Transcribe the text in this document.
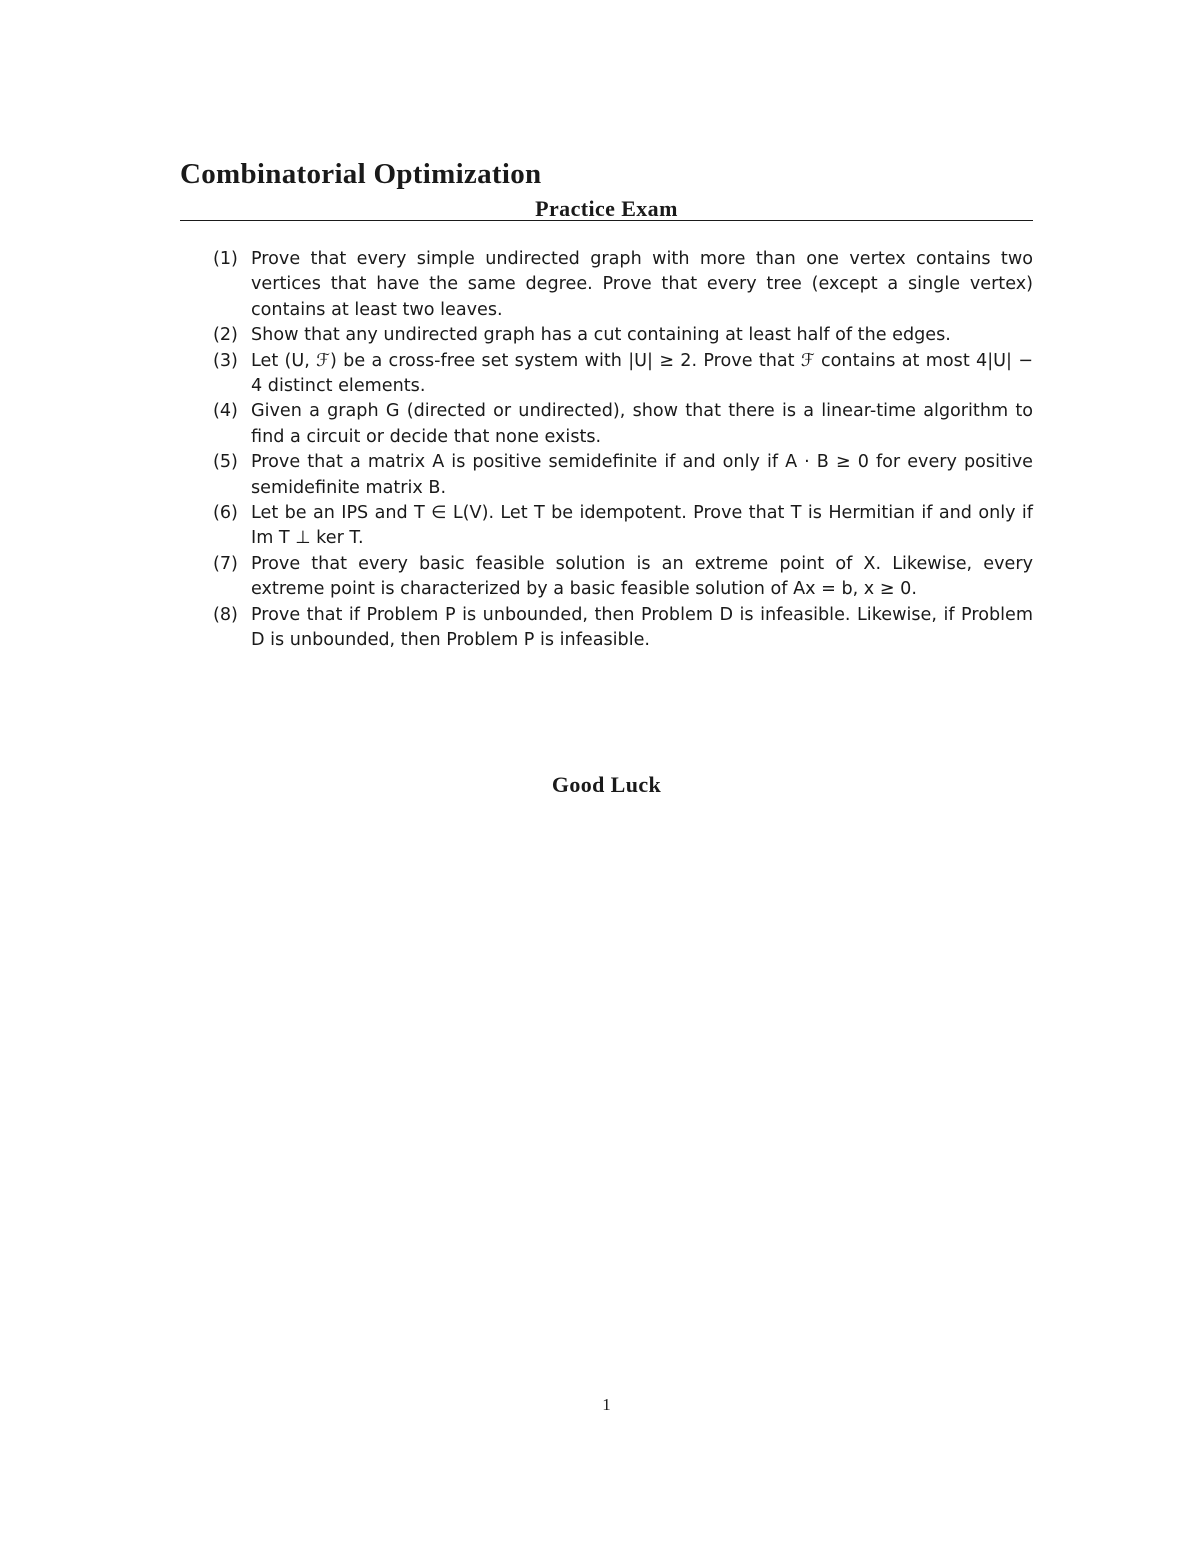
Combinatorial Optimization
Practice Exam
(1) Prove that every simple undirected graph with more than one vertex contains two vertices that have the same degree. Prove that every tree (except a single vertex) contains at least two leaves.
(2) Show that any undirected graph has a cut containing at least half of the edges.
(3) Let (U, ℱ) be a cross-free set system with |U| ≥ 2. Prove that ℱ contains at most 4|U| − 4 distinct elements.
(4) Given a graph G (directed or undirected), show that there is a linear-time algorithm to find a circuit or decide that none exists.
(5) Prove that a matrix A is positive semidefinite if and only if A · B ≥ 0 for every positive semidefinite matrix B.
(6) Let be an IPS and T ∈ L(V). Let T be idempotent. Prove that T is Hermitian if and only if Im T ⊥ ker T.
(7) Prove that every basic feasible solution is an extreme point of X. Likewise, every extreme point is characterized by a basic feasible solution of Ax = b, x ≥ 0.
(8) Prove that if Problem P is unbounded, then Problem D is infeasible. Likewise, if Problem D is unbounded, then Problem P is infeasible.

Good Luck

1
